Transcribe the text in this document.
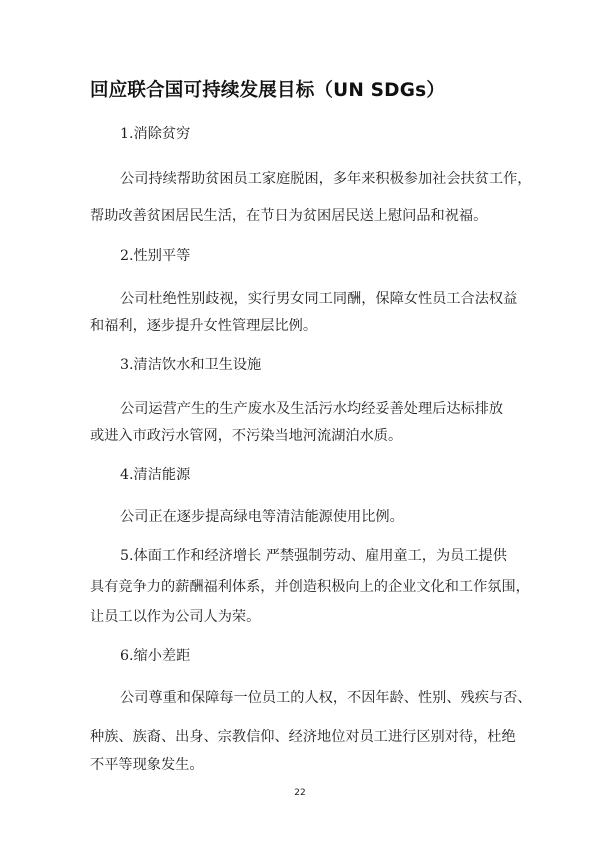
回应联合国可持续发展目标（UN SDGs）
1.消除贫穷
公司持续帮助贫困员工家庭脱困，多年来积极参加社会扶贫工作，
帮助改善贫困居民生活，在节日为贫困居民送上慰问品和祝福。
2.性别平等
公司杜绝性别歧视，实行男女同工同酬，保障女性员工合法权益
和福利，逐步提升女性管理层比例。
3.清洁饮水和卫生设施
公司运营产生的生产废水及生活污水均经妥善处理后达标排放
或进入市政污水管网，不污染当地河流湖泊水质。
4.清洁能源
公司正在逐步提高绿电等清洁能源使用比例。
5.体面工作和经济增长 严禁强制劳动、雇用童工，为员工提供
具有竞争力的薪酬福利体系，并创造积极向上的企业文化和工作氛围，
让员工以作为公司人为荣。
6.缩小差距
公司尊重和保障每一位员工的人权，不因年龄、性别、残疾与否、
种族、族裔、出身、宗教信仰、经济地位对员工进行区别对待，杜绝
不平等现象发生。
22
